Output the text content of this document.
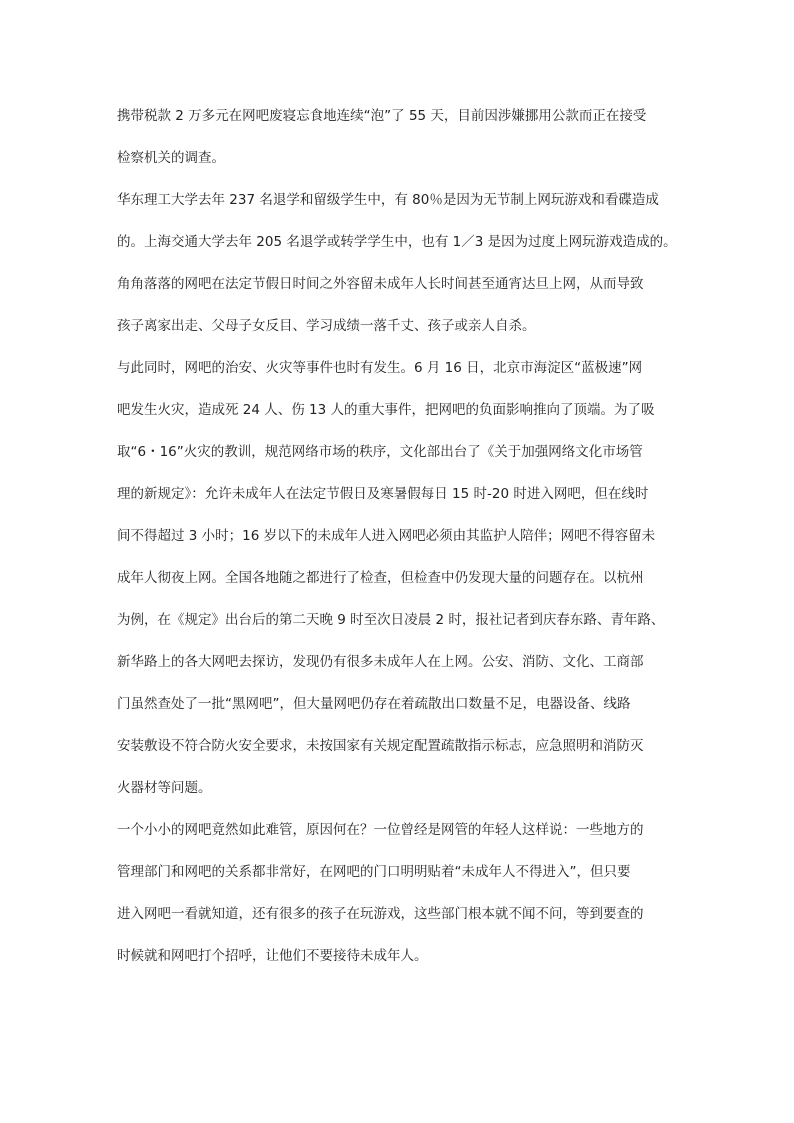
携带税款 2 万多元在网吧废寝忘食地连续“泡”了 55 天，目前因涉嫌挪用公款而正在接受
检察机关的调查。
华东理工大学去年 237 名退学和留级学生中，有 80％是因为无节制上网玩游戏和看碟造成
的。上海交通大学去年 205 名退学或转学学生中，也有 1／3 是因为过度上网玩游戏造成的。
角角落落的网吧在法定节假日时间之外容留未成年人长时间甚至通宵达旦上网，从而导致
孩子离家出走、父母子女反目、学习成绩一落千丈、孩子或亲人自杀。
与此同时，网吧的治安、火灾等事件也时有发生。6 月 16 日，北京市海淀区“蓝极速”网
吧发生火灾，造成死 24 人、伤 13 人的重大事件，把网吧的负面影响推向了顶端。为了吸
取“6・16”火灾的教训，规范网络市场的秩序，文化部出台了《关于加强网络文化市场管
理的新规定》：允许未成年人在法定节假日及寒暑假每日 15 时-20 时进入网吧，但在线时
间不得超过 3 小时；16 岁以下的未成年人进入网吧必须由其监护人陪伴；网吧不得容留未
成年人彻夜上网。全国各地随之都进行了检查，但检查中仍发现大量的问题存在。以杭州
为例，在《规定》出台后的第二天晚 9 时至次日凌晨 2 时，报社记者到庆春东路、青年路、
新华路上的各大网吧去探访，发现仍有很多未成年人在上网。公安、消防、文化、工商部
门虽然查处了一批“黑网吧”，但大量网吧仍存在着疏散出口数量不足，电器设备、线路
安装敷设不符合防火安全要求，未按国家有关规定配置疏散指示标志，应急照明和消防灭
火器材等问题。
一个小小的网吧竟然如此难管，原因何在？一位曾经是网管的年轻人这样说：一些地方的
管理部门和网吧的关系都非常好，在网吧的门口明明贴着“未成年人不得进入”，但只要
进入网吧一看就知道，还有很多的孩子在玩游戏，这些部门根本就不闻不问，等到要查的
时候就和网吧打个招呼，让他们不要接待未成年人。
